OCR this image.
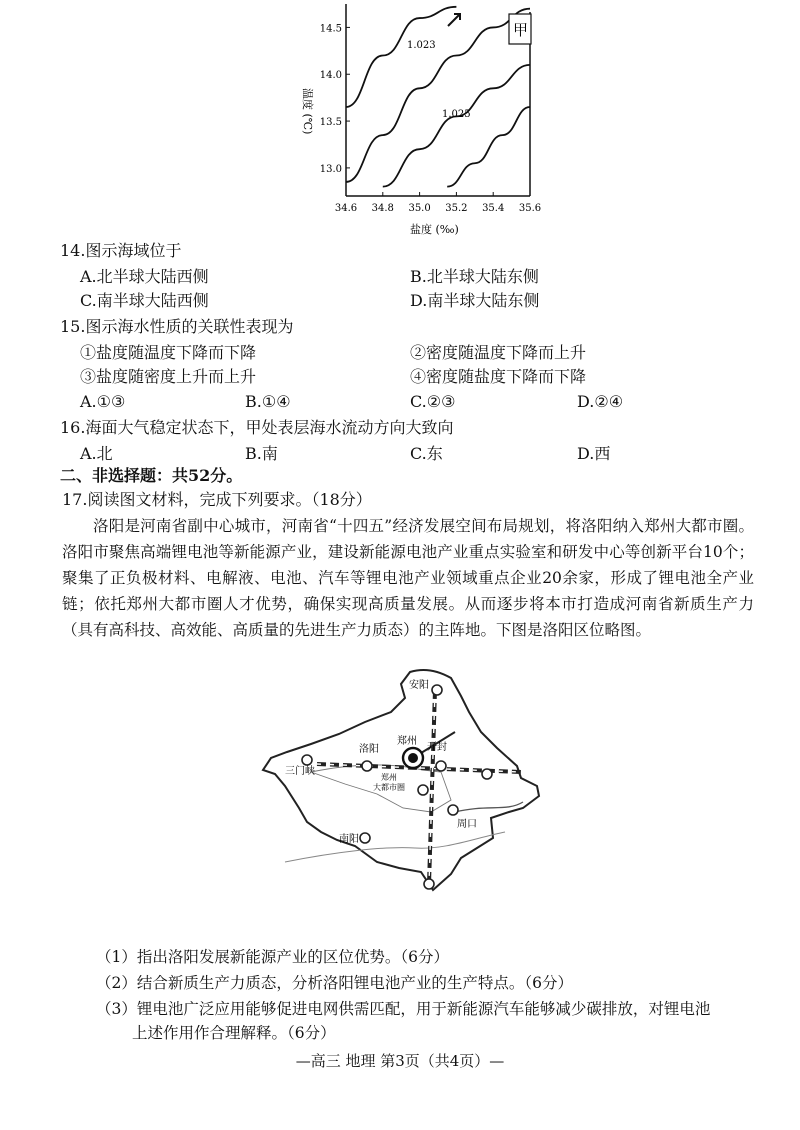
34.6 34.8 35.0 35.2 35.4 35.6
13.0
13.5
14.0
14.5
1.023
1.025
甲
盐度 (‰)
温度 (℃)
14.图示海域位于
A.北半球大陆西侧	B.北半球大陆东侧
C.南半球大陆西侧	D.南半球大陆东侧
15.图示海水性质的关联性表现为
①盐度随温度下降而下降	②密度随温度下降而上升
③盐度随密度上升而上升	④密度随盐度下降而下降
A.①③	B.①④	C.②③	D.②④
16.海面大气稳定状态下，甲处表层海水流动方向大致向
A.北	B.南	C.东	D.西
二、非选择题：共52分。
17.阅读图文材料，完成下列要求。（18分）

洛阳是河南省副中心城市，河南省“十四五”经济发展空间布局规划，将洛阳纳入郑州大都市圈。洛阳市聚焦高端锂电池等新能源产业，建设新能源电池产业重点实验室和研发中心等创新平台10个；聚集了正负极材料、电解液、电池、汽车等锂电池产业领域重点企业20余家，形成了锂电池全产业链；依托郑州大都市圈人才优势，确保实现高质量发展。从而逐步将本市打造成河南省新质生产力（具有高科技、高效能、高质量的先进生产力质态）的主阵地。下图是洛阳区位略图。

安阳
洛阳
郑州
开封
三门峡
郑州
大都市圈
周口
南阳
（1）指出洛阳发展新能源产业的区位优势。（6分）
（2）结合新质生产力质态，分析洛阳锂电池产业的生产特点。（6分）
（3）锂电池广泛应用能够促进电网供需匹配，用于新能源汽车能够减少碳排放，对锂电池
上述作用作合理解释。（6分）
—高三 地理 第3页（共4页）—
